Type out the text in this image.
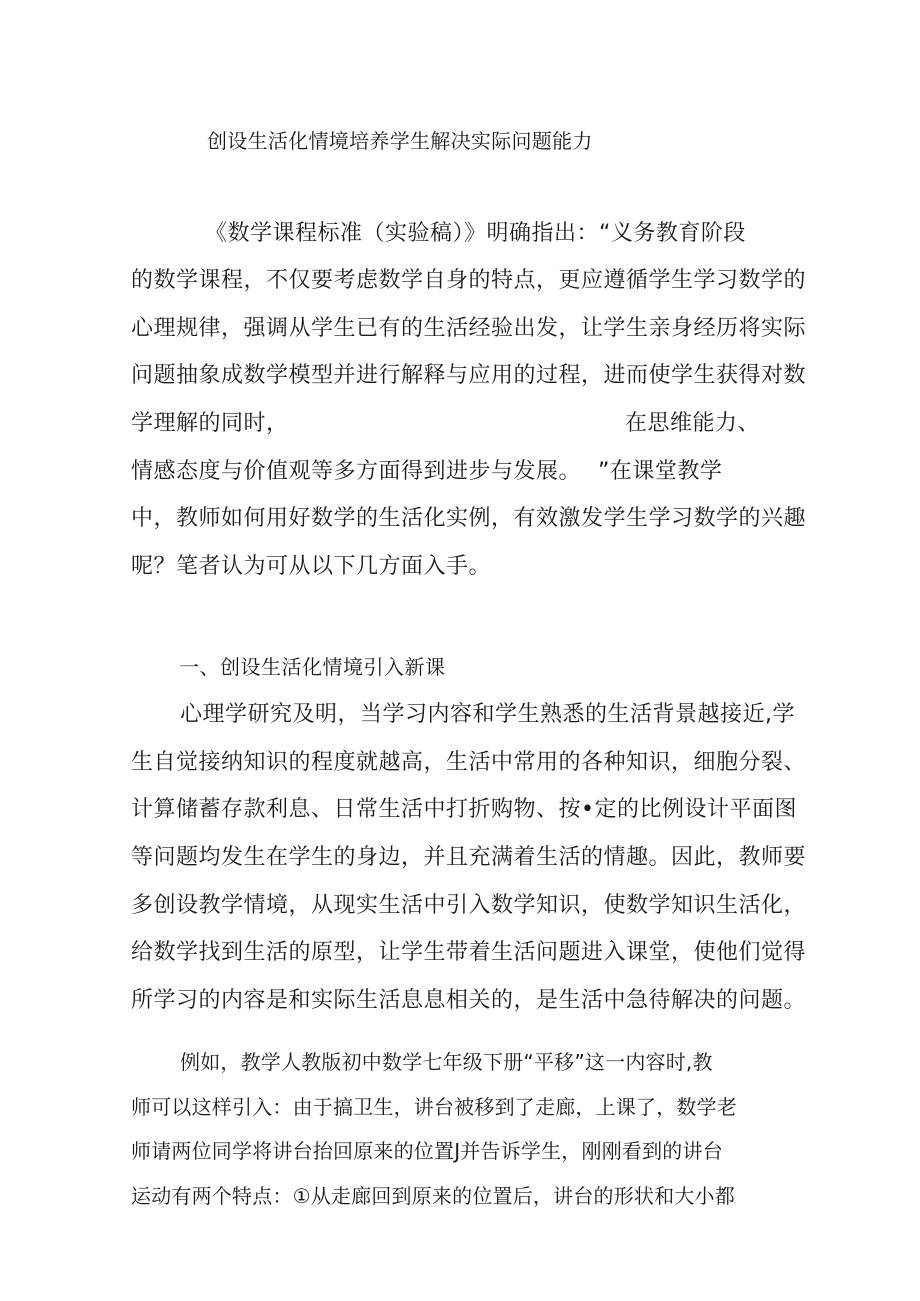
创设生活化情境培养学生解决实际问题能力
《数学课程标准（实验稿）》明确指出：“义务教育阶段
的数学课程，不仅要考虑数学自身的特点，更应遵循学生学习数学的
心理规律，强调从学生已有的生活经验出发，让学生亲身经历将实际
问题抽象成数学模型并进行解释与应用的过程，进而使学生获得对数
学理解的同时，	在思维能力、
情感态度与价值观等多方面得到进步与发展。 ”在课堂教学
中，教师如何用好数学的生活化实例，有效激发学生学习数学的兴趣
呢？笔者认为可从以下几方面入手。
一、创设生活化情境引入新课
心理学研究及明，当学习内容和学生熟悉的生活背景越接近,学
生自觉接纳知识的程度就越高，生活中常用的各种知识，细胞分裂、
计算储蓄存款利息、日常生活中打折购物、按•定的比例设计平面图
等问题均发生在学生的身边，并且充满着生活的情趣。因此，教师要
多创设教学情境，从现实生活中引入数学知识，使数学知识生活化，
给数学找到生活的原型，让学生带着生活问题进入课堂，使他们觉得
所学习的内容是和实际生活息息相关的，是生活中急待解决的问题。
例如，教学人教版初中数学七年级下册“平移”这一内容时,教
师可以这样引入：由于搞卫生，讲台被移到了走廊，上课了，数学老
师请两位同学将讲台抬回原来的位置J并告诉学生，刚刚看到的讲台
运动有两个特点：①从走廊回到原来的位置后，讲台的形状和大小都
